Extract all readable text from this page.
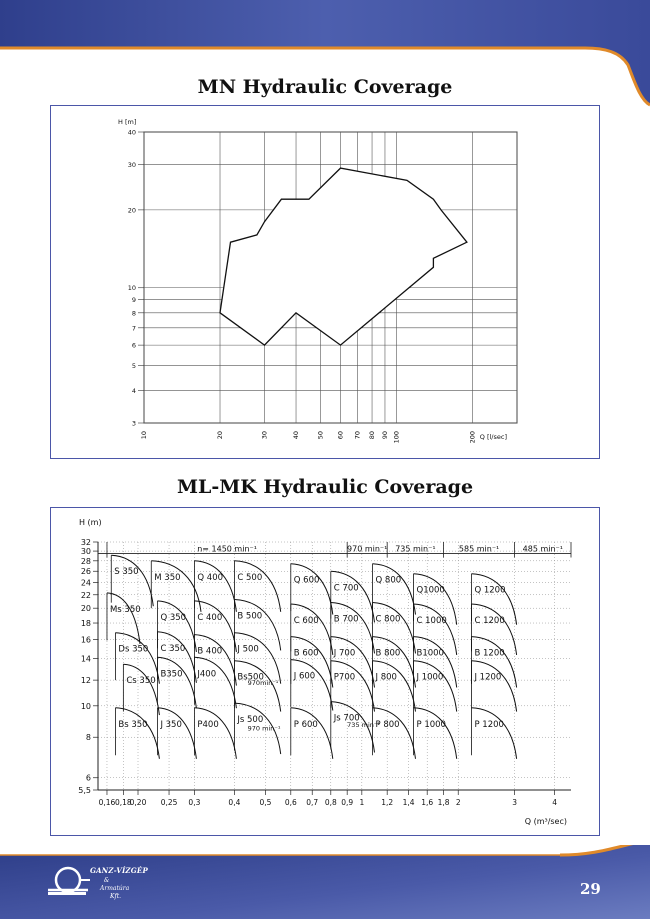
MN Hydraulic Coverage
3
4
5
6
7
8
9
10
20
30
40
10	20	30	40	50 60 70 80 90 100	200
H [m]
Q [l/sec]
ML-MK Hydraulic Coverage
5,5
6
8
10
12
14
16
18
20
22
24
26
28
30
32
0,16 0,18
0,20 0,25 0,3	0,4	0,5 0,6 0,7 0,8 0,9 1 1,2 1,4 1,6 1,8 2	3	4
H (m)
Q (m³/sec)
n= 1450 min⁻¹	970 min⁻¹ 735 min⁻¹	585 min⁻¹	485 min⁻¹
S 350
M 350 Q 400 C 500	Q 600
C 700
Q 800
Q1000	Q 1200
Ms 350
Q 350 C 400 B 500	C 600 B 700 C 800 C 1000	C 1200
Ds 350 C 350 B 400 J 500	B 600 J 700 B 800 B1000	B 1200
B350 J400	Bs500	J 600 P700 J 800 J 1000	J 1200
Cs 350
Bs 350 J 350 P400 Js 500	P 600
Js 700
P 800 P 1000	P 1200
970min⁻¹
970 min⁻¹	735 min⁻¹
GANZ-VÍZGÉP
&
Armatúra
Kft.	29
